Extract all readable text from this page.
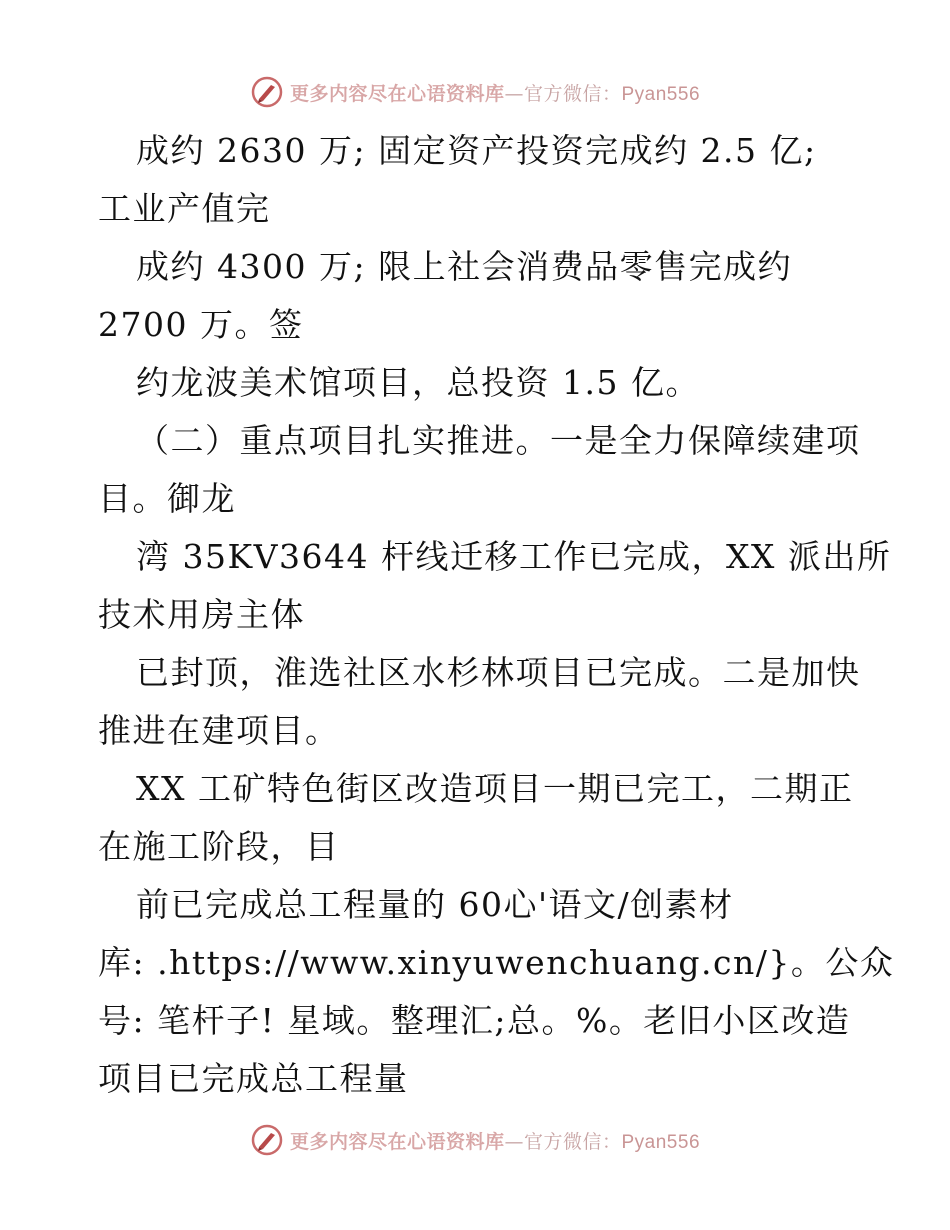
更多内容尽在心语资料库—官方微信：Pyan556
成约 2630 万; 固定资产投资完成约 2.5 亿;
工业产值完
成约 4300 万; 限上社会消费品零售完成约
2700 万。签
约龙波美术馆项目，总投资 1.5 亿。
（二）重点项目扎实推进。一是全力保障续建项
目。御龙
湾 35KV3644 杆线迁移工作已完成，XX 派出所
技术用房主体
已封顶，淮选社区水杉林项目已完成。二是加快
推进在建项目。
XX 工矿特色街区改造项目一期已完工，二期正
在施工阶段，目
前已完成总工程量的 60心'语文/创素材
库: .https://www.xinyuwenchuang.cn/}。公众
号: 笔杆子! 星域。整理汇;总。%。老旧小区改造
项目已完成总工程量
更多内容尽在心语资料库—官方微信：Pyan556
